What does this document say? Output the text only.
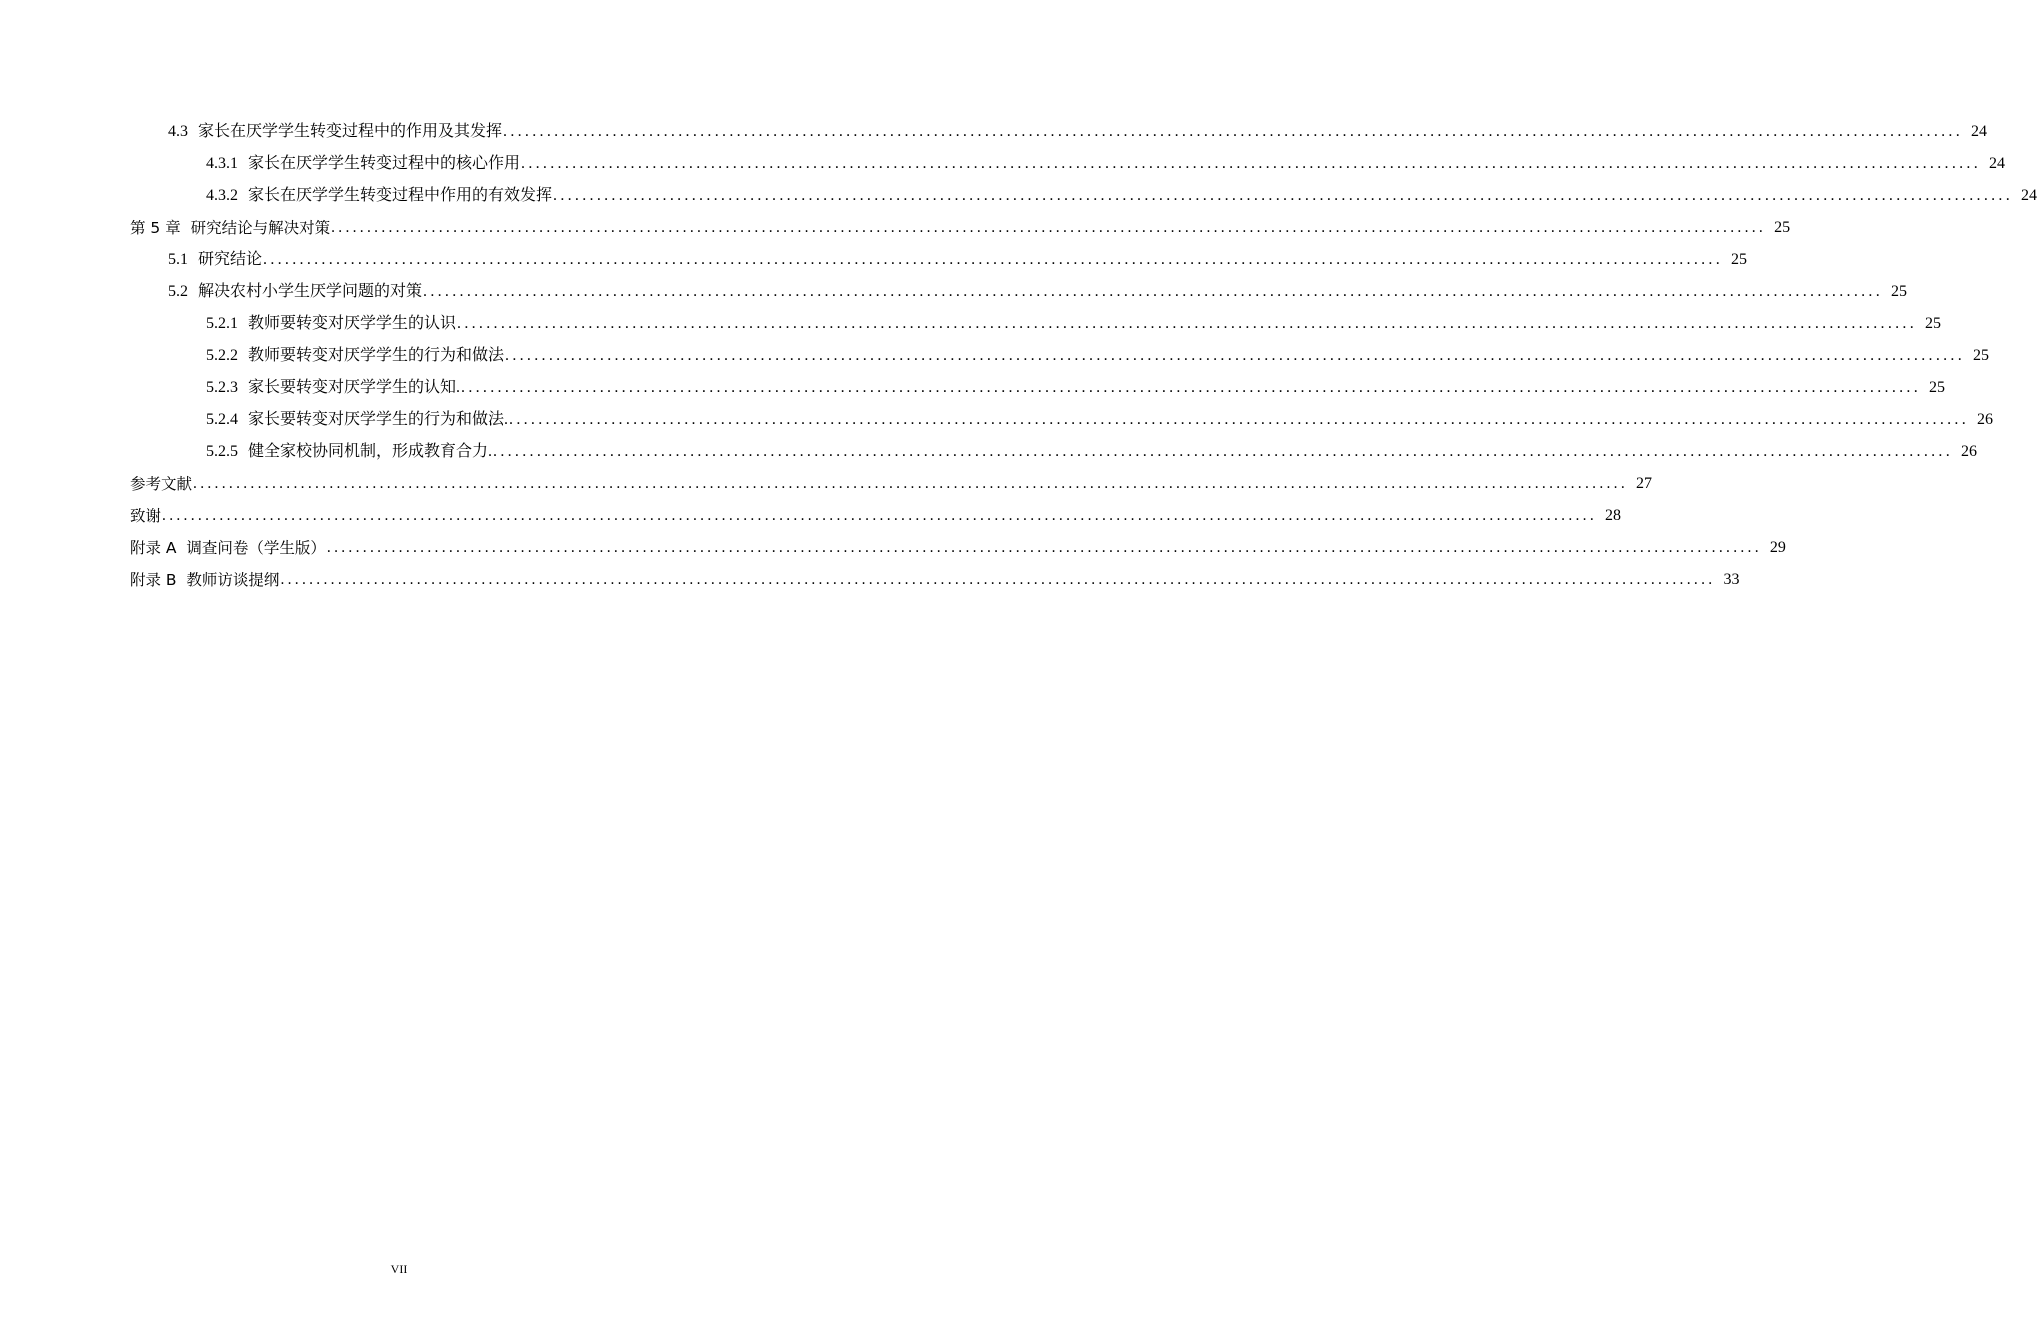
4.3 家长在厌学学生转变过程中的作用及其发挥 ........................................................................................................................................................................................................ 24
4.3.1 家长在厌学学生转变过程中的核心作用 ........................................................................................................................................................................................................ 24
4.3.2 家长在厌学学生转变过程中作用的有效发挥 ........................................................................................................................................................................................................ 24
第 5 章 研究结论与解决对策 ........................................................................................................................................................................................................ 25
5.1 研究结论 ........................................................................................................................................................................................................ 25
5.2 解决农村小学生厌学问题的对策 ........................................................................................................................................................................................................ 25
5.2.1 教师要转变对厌学学生的认识 ........................................................................................................................................................................................................ 25
5.2.2 教师要转变对厌学学生的行为和做法 ........................................................................................................................................................................................................ 25
5.2.3 家长要转变对厌学学生的认知. ........................................................................................................................................................................................................ 25
5.2.4 家长要转变对厌学学生的行为和做法. ........................................................................................................................................................................................................ 26
5.2.5 健全家校协同机制，形成教育合力. ........................................................................................................................................................................................................ 26
参考文献 ........................................................................................................................................................................................................ 27
致谢 ........................................................................................................................................................................................................ 28
附录 A 调查问卷（学生版） ........................................................................................................................................................................................................ 29
附录 B 教师访谈提纲 ........................................................................................................................................................................................................ 33
VII
